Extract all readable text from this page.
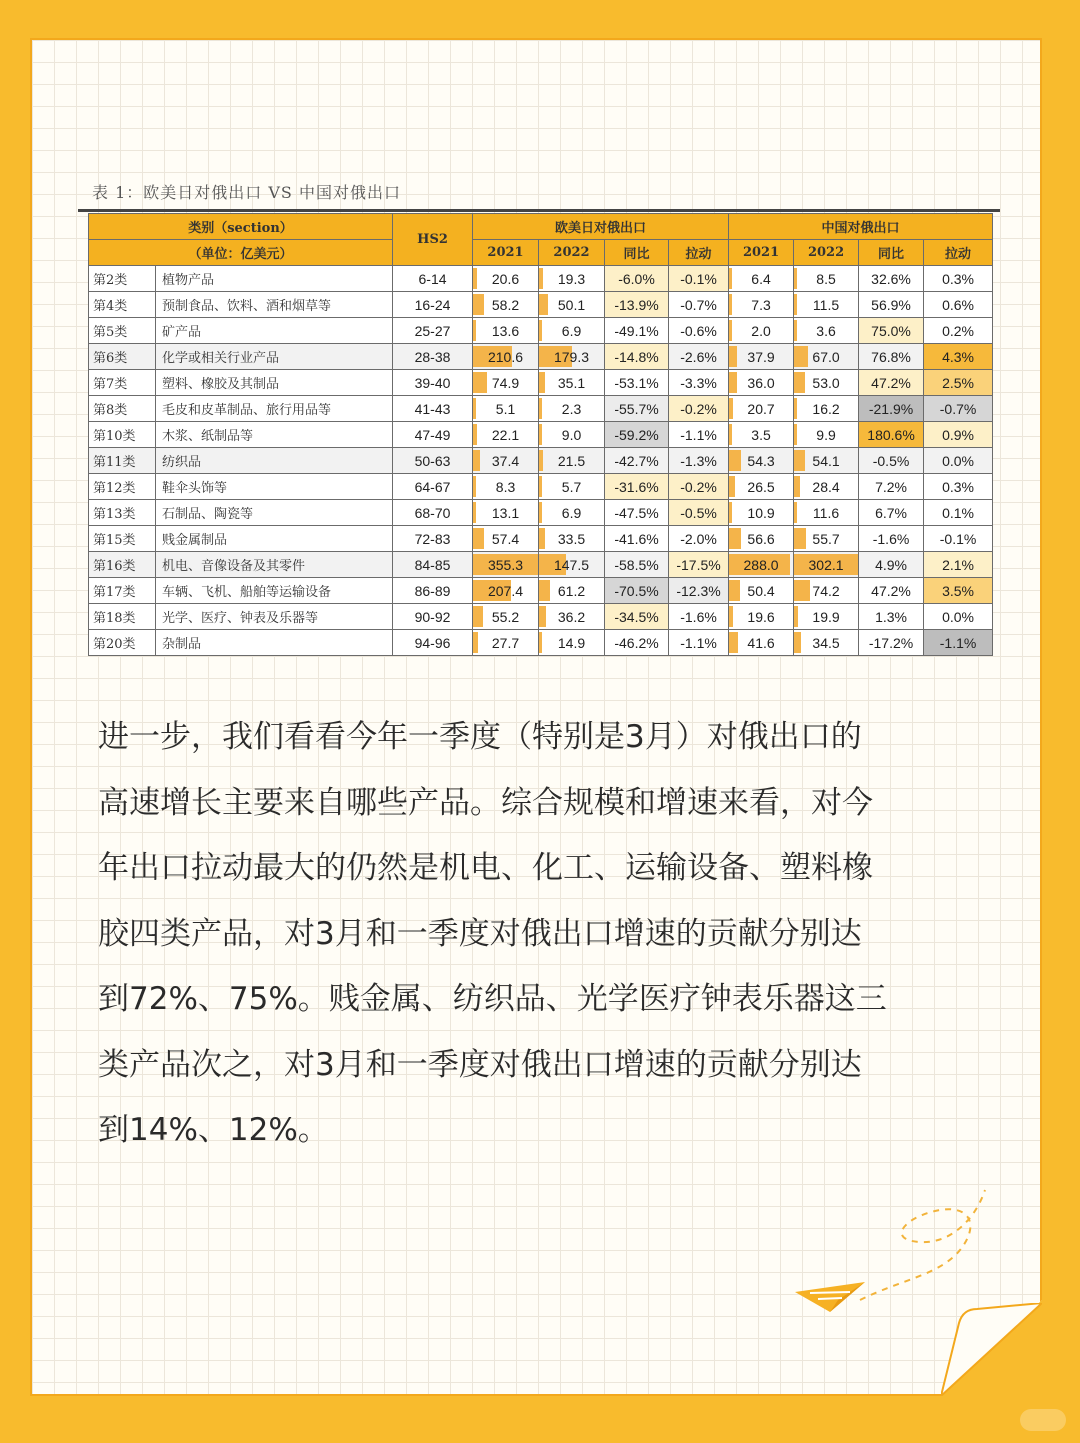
表 1：欧美日对俄出口 VS 中国对俄出口
类别（section）		HS2	欧美日对俄出口				中国对俄出口			
（单位：亿美元）			2021	2022	同比	拉动	2021	2022	同比	拉动
第2类	植物产品	6-14	20.6	19.3	-6.0%	-0.1%	6.4	8.5	32.6%	0.3%
第4类	预制食品、饮料、酒和烟草等	16-24	58.2	50.1	-13.9%	-0.7%	7.3	11.5	56.9%	0.6%
第5类	矿产品	25-27	13.6	6.9	-49.1%	-0.6%	2.0	3.6	75.0%	0.2%
第6类	化学或相关行业产品	28-38	210.6	179.3	-14.8%	-2.6%	37.9	67.0	76.8%	4.3%
第7类	塑料、橡胶及其制品	39-40	74.9	35.1	-53.1%	-3.3%	36.0	53.0	47.2%	2.5%
第8类	毛皮和皮革制品、旅行用品等	41-43	5.1	2.3	-55.7%	-0.2%	20.7	16.2	-21.9%	-0.7%
第10类	木浆、纸制品等	47-49	22.1	9.0	-59.2%	-1.1%	3.5	9.9	180.6%	0.9%
第11类	纺织品	50-63	37.4	21.5	-42.7%	-1.3%	54.3	54.1	-0.5%	0.0%
第12类	鞋伞头饰等	64-67	8.3	5.7	-31.6%	-0.2%	26.5	28.4	7.2%	0.3%
第13类	石制品、陶瓷等	68-70	13.1	6.9	-47.5%	-0.5%	10.9	11.6	6.7%	0.1%
第15类	贱金属制品	72-83	57.4	33.5	-41.6%	-2.0%	56.6	55.7	-1.6%	-0.1%
第16类	机电、音像设备及其零件	84-85	355.3	147.5	-58.5%	-17.5%	288.0	302.1	4.9%	2.1%
第17类	车辆、飞机、船舶等运输设备	86-89	207.4	61.2	-70.5%	-12.3%	50.4	74.2	47.2%	3.5%
第18类	光学、医疗、钟表及乐器等	90-92	55.2	36.2	-34.5%	-1.6%	19.6	19.9	1.3%	0.0%
第20类	杂制品	94-96	27.7	14.9	-46.2%	-1.1%	41.6	34.5	-17.2%	-1.1%

进一步，我们看看今年一季度（特别是3月）对俄出口的
高速增长主要来自哪些产品。综合规模和增速来看，对今
年出口拉动最大的仍然是机电、化工、运输设备、塑料橡
胶四类产品，对3月和一季度对俄出口增速的贡献分别达
到72%、75%。贱金属、纺织品、光学医疗钟表乐器这三
类产品次之，对3月和一季度对俄出口增速的贡献分别达
到14%、12%。
